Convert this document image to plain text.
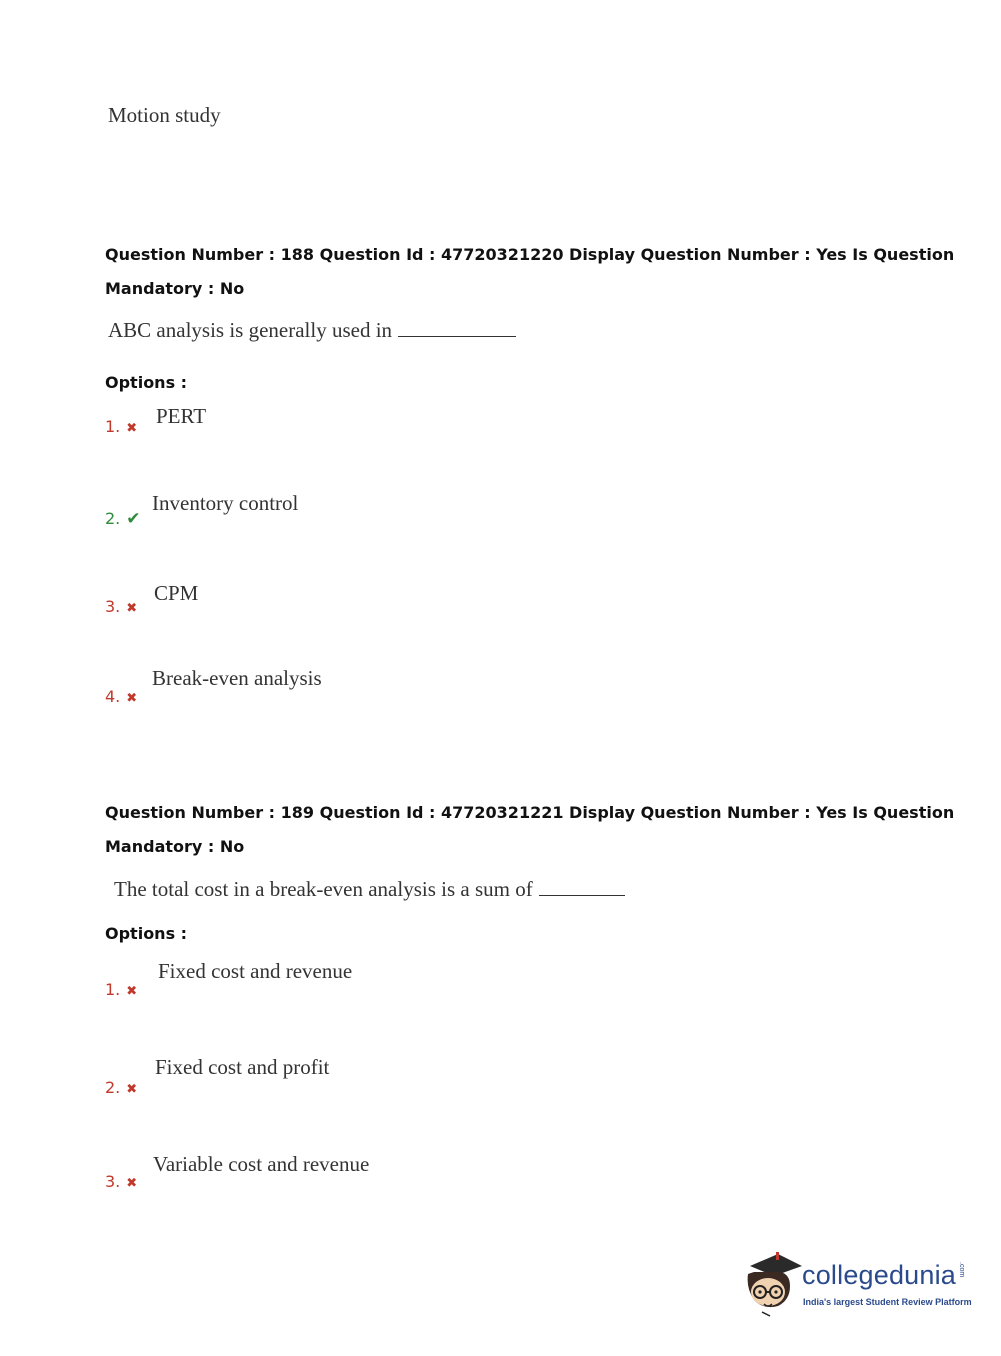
Motion study
Question Number : 188 Question Id : 47720321220 Display Question Number : Yes Is Question
Mandatory : No
ABC analysis is generally used in
Options :
1. ✖
PERT
2. ✔
Inventory control
3. ✖
CPM
4. ✖
Break-even analysis
Question Number : 189 Question Id : 47720321221 Display Question Number : Yes Is Question
Mandatory : No
The total cost in a break-even analysis is a sum of
Options :
1. ✖
Fixed cost and revenue
2. ✖
Fixed cost and profit
3. ✖
Variable cost and revenue
collegedunia .com
India's largest Student Review Platform
